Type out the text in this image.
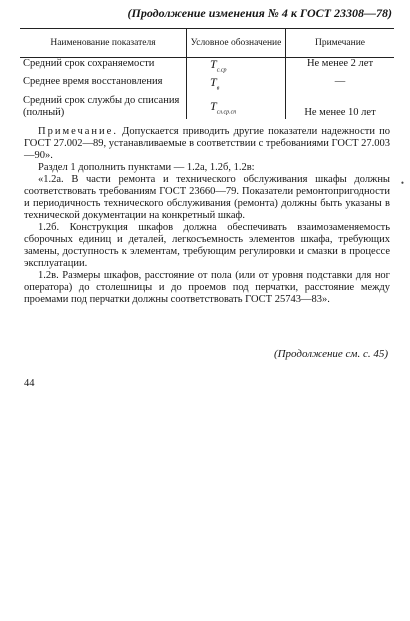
(Продолжение изменения № 4 к ГОСТ 23308—78)
Наименование показателя	Условное обозначение	Примечание
Средний срок сохраняемости	$T_{с.ср}$	Не менее 2 лет
Среднее время восстановления	$T_в$	—
Средний срок службы до списания (полный)	$T_{сл.ср.сп}$	Не менее 10 лет

Примечание. Допускается приводить другие показатели надежности по ГОСТ 27.002—89, устанавливаемые в соответствии с требованиями ГОСТ 27.003—90».

Раздел 1 дополнить пунктами — 1.2а, 1.2б, 1.2в:

«1.2а. В части ремонта и технического обслуживания шкафы должны соответствовать требованиям ГОСТ 23660—79. Показатели ремонтопригодности и периодичность технического обслуживания (ремонта) должны быть указаны в технической документации на конкретный шкаф.

1.2б. Конструкция шкафов должна обеспечивать взаимозаменяемость сборочных единиц и деталей, легкосъемность элементов шкафа, требующих замены, доступность к элементам, требующим регулировки и смазки в процессе эксплуатации.

1.2в. Размеры шкафов, расстояние от пола (или от уровня подставки для ног оператора) до столешницы и до проемов под перчатки, расстояние между проемами под перчатки должны соответствовать ГОСТ 25743—83».

•
(Продолжение см. с. 45)
44
